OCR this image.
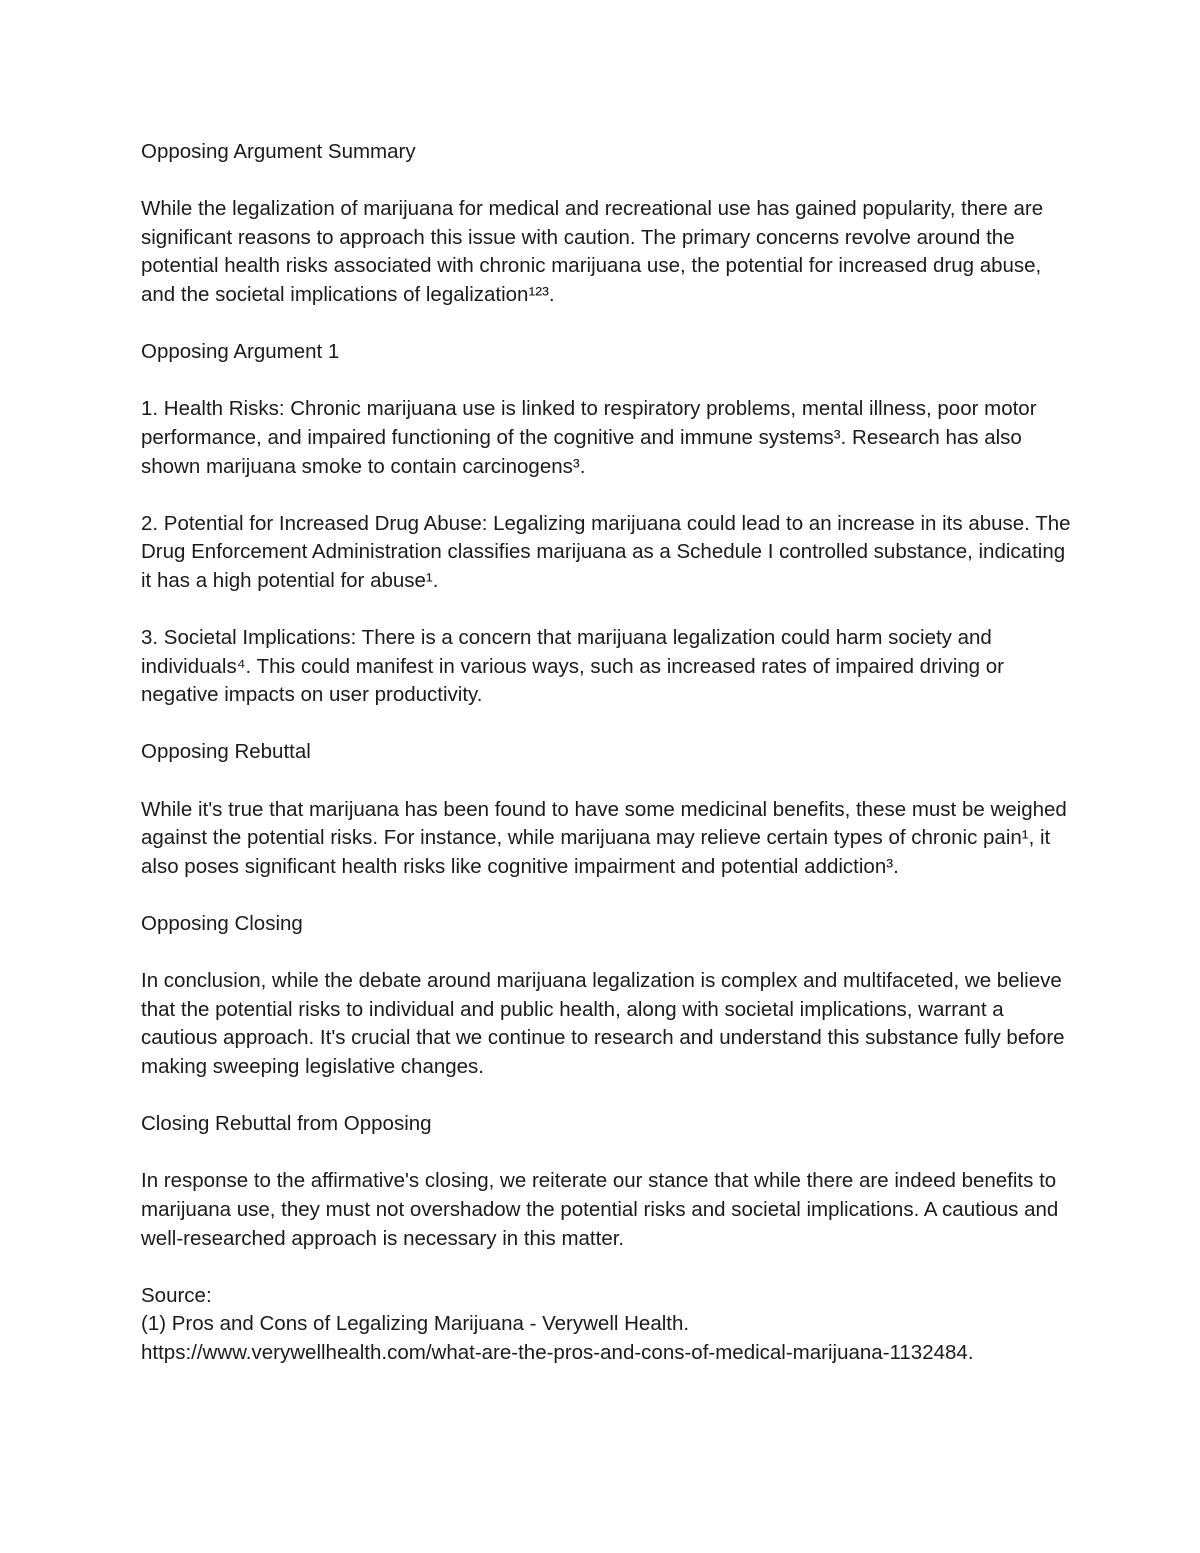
Opposing Argument Summary

While the legalization of marijuana for medical and recreational use has gained popularity, there are significant reasons to approach this issue with caution. The primary concerns revolve around the potential health risks associated with chronic marijuana use, the potential for increased drug abuse, and the societal implications of legalization¹²³.

Opposing Argument 1

1. Health Risks: Chronic marijuana use is linked to respiratory problems, mental illness, poor motor performance, and impaired functioning of the cognitive and immune systems³. Research has also shown marijuana smoke to contain carcinogens³.

2. Potential for Increased Drug Abuse: Legalizing marijuana could lead to an increase in its abuse. The Drug Enforcement Administration classifies marijuana as a Schedule I controlled substance, indicating it has a high potential for abuse¹.

3. Societal Implications: There is a concern that marijuana legalization could harm society and individuals⁴. This could manifest in various ways, such as increased rates of impaired driving or negative impacts on user productivity.

Opposing Rebuttal

While it's true that marijuana has been found to have some medicinal benefits, these must be weighed against the potential risks. For instance, while marijuana may relieve certain types of chronic pain¹, it also poses significant health risks like cognitive impairment and potential addiction³.

Opposing Closing

In conclusion, while the debate around marijuana legalization is complex and multifaceted, we believe that the potential risks to individual and public health, along with societal implications, warrant a cautious approach. It's crucial that we continue to research and understand this substance fully before making sweeping legislative changes.

Closing Rebuttal from Opposing

In response to the affirmative's closing, we reiterate our stance that while there are indeed benefits to marijuana use, they must not overshadow the potential risks and societal implications. A cautious and well-researched approach is necessary in this matter.

Source:

(1) Pros and Cons of Legalizing Marijuana - Verywell Health.

https://www.verywellhealth.com/what-are-the-pros-and-cons-of-medical-marijuana-1132484.
